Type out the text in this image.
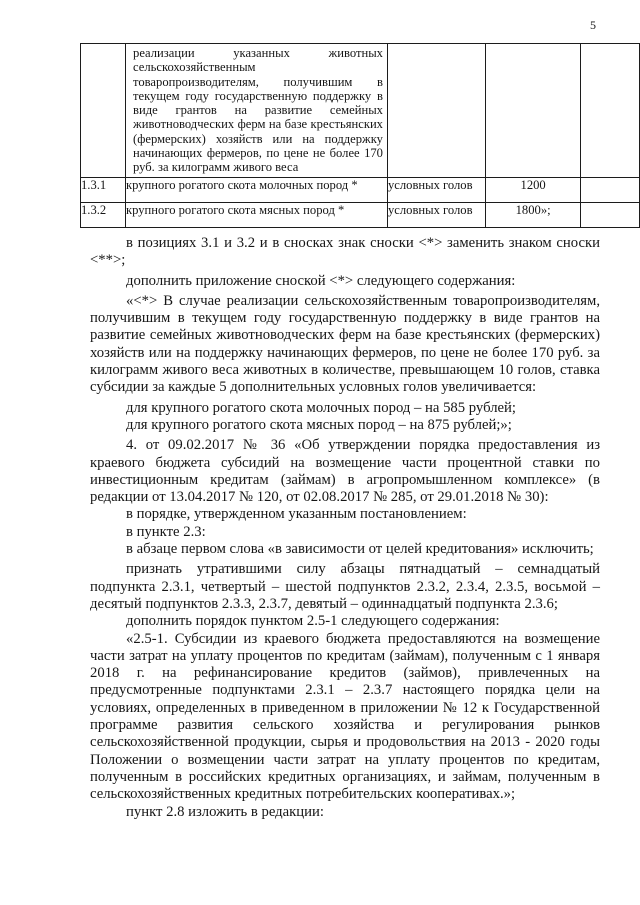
5

	реализации указанных животных сельскохозяйственным товаропроизводителям, получившим в текущем году государственную поддержку в виде грантов на развитие семейных животноводческих ферм на базе крестьянских (фермерских) хозяйств или на поддержку начинающих фермеров, по цене не более 170 руб. за килограмм живого веса			

1.3.1	крупного рогатого скота молочных пород *	условных голов	1200	
1.3.2	крупного рогатого скота мясных пород *	условных голов	1800»;	

в позициях 3.1 и 3.2 и в сносках знак сноски <*> заменить знаком сноски <**>;

дополнить приложение сноской <*> следующего содержания:

«<*> В случае реализации сельскохозяйственным товаропроизводителям, получившим в текущем году государственную поддержку в виде грантов на развитие семейных животноводческих ферм на базе крестьянских (фермерских) хозяйств или на поддержку начинающих фермеров, по цене не более 170 руб. за килограмм живого веса животных в количестве, превышающем 10 голов, ставка субсидии за каждые 5 дополнительных условных голов увеличивается:

для крупного рогатого скота молочных пород – на 585 рублей;

для крупного рогатого скота мясных пород – на 875 рублей;»;

4. от 09.02.2017 № 36 «Об утверждении порядка предоставления из краевого бюджета субсидий на возмещение части процентной ставки по инвестиционным кредитам (займам) в агропромышленном комплексе» (в редакции от 13.04.2017 № 120, от 02.08.2017 № 285, от 29.01.2018 № 30):

в порядке, утвержденном указанным постановлением:

в пункте 2.3:

в абзаце первом слова «в зависимости от целей кредитования» исключить;

признать утратившими силу абзацы пятнадцатый – семнадцатый подпункта 2.3.1, четвертый – шестой подпунктов 2.3.2, 2.3.4, 2.3.5, восьмой – десятый подпунктов 2.3.3, 2.3.7, девятый – одиннадцатый подпункта 2.3.6;

дополнить порядок пунктом 2.5-1 следующего содержания:

«2.5-1. Субсидии из краевого бюджета предоставляются на возмещение части затрат на уплату процентов по кредитам (займам), полученным с 1 января 2018 г. на рефинансирование кредитов (займов), привлеченных на предусмотренные подпунктами 2.3.1 – 2.3.7 настоящего порядка цели на условиях, определенных в приведенном в приложении № 12 к Государственной программе развития сельского хозяйства и регулирования рынков сельскохозяйственной продукции, сырья и продовольствия на 2013 - 2020 годы Положении о возмещении части затрат на уплату процентов по кредитам, полученным в российских кредитных организациях, и займам, полученным в сельскохозяйственных кредитных потребительских кооперативах.»;

пункт 2.8 изложить в редакции:
